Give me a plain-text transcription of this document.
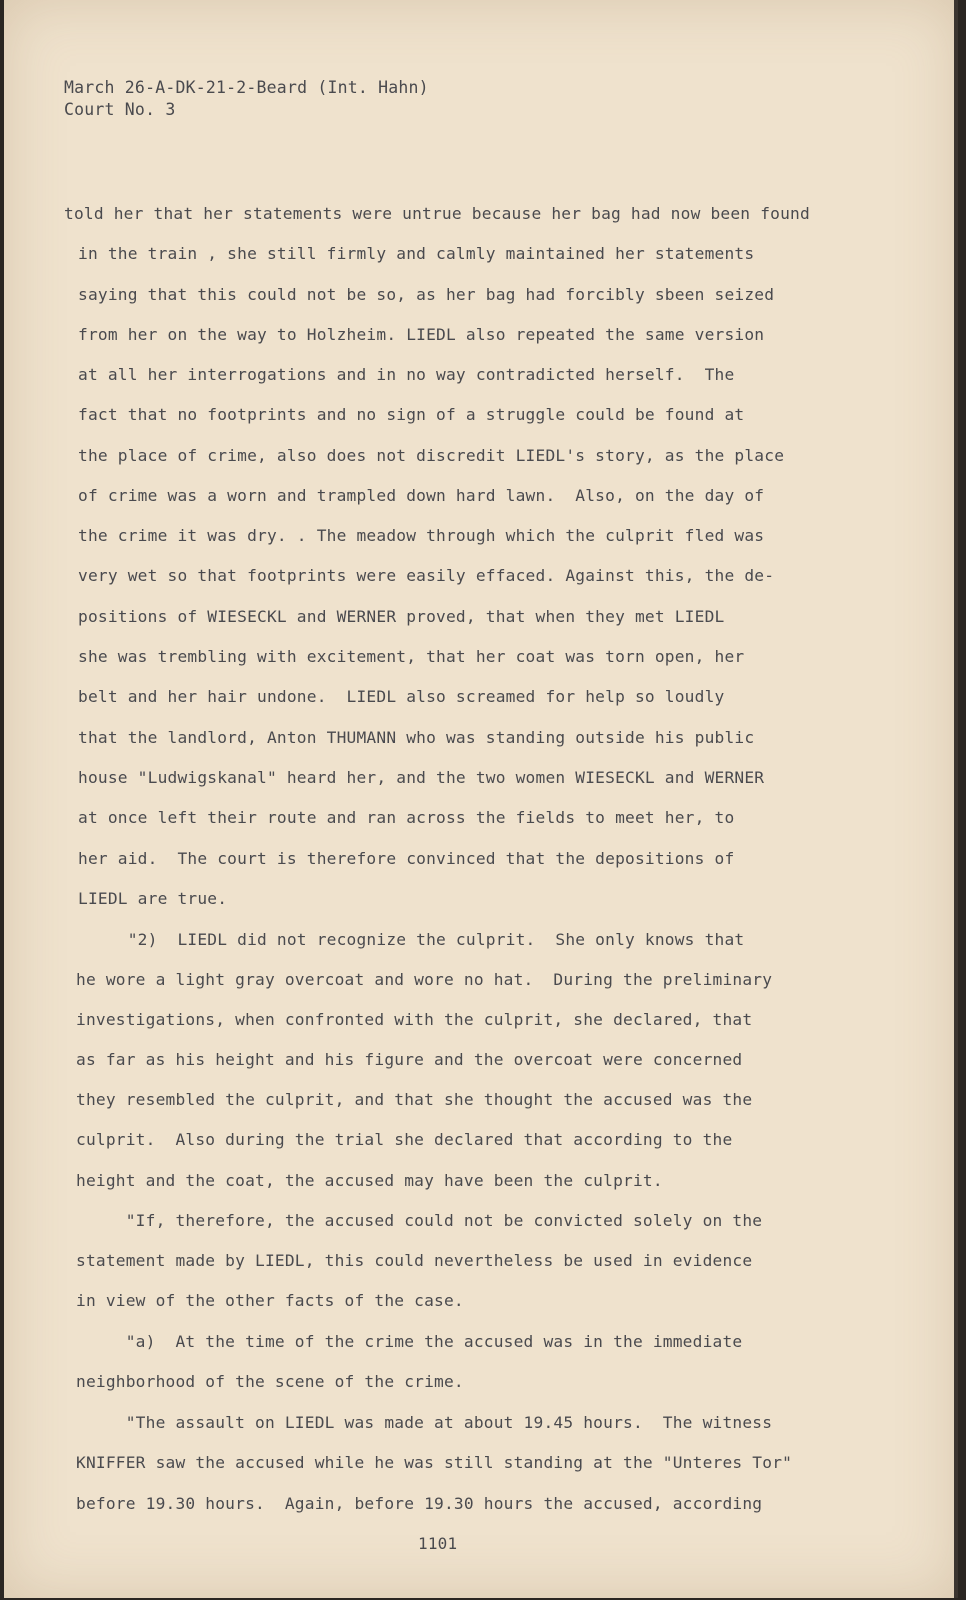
March 26-A-DK-21-2-Beard (Int. Hahn)
Court No. 3
told her that her statements were untrue because her bag had now been found
in the train , she still firmly and calmly maintained her statements
saying that this could not be so, as her bag had forcibly sbeen seized
from her on the way to Holzheim. LIEDL also repeated the same version
at all her interrogations and in no way contradicted herself.  The
fact that no footprints and no sign of a struggle could be found at
the place of crime, also does not discredit LIEDL's story, as the place
of crime was a worn and trampled down hard lawn.  Also, on the day of
the crime it was dry. . The meadow through which the culprit fled was
very wet so that footprints were easily effaced. Against this, the de-
positions of WIESECKL and WERNER proved, that when they met LIEDL
she was trembling with excitement, that her coat was torn open, her
belt and her hair undone.  LIEDL also screamed for help so loudly
that the landlord, Anton THUMANN who was standing outside his public
house "Ludwigskanal" heard her, and the two women WIESECKL and WERNER
at once left their route and ran across the fields to meet her, to
her aid.  The court is therefore convinced that the depositions of
LIEDL are true.
"2)  LIEDL did not recognize the culprit.  She only knows that
he wore a light gray overcoat and wore no hat.  During the preliminary
investigations, when confronted with the culprit, she declared, that
as far as his height and his figure and the overcoat were concerned
they resembled the culprit, and that she thought the accused was the
culprit.  Also during the trial she declared that according to the
height and the coat, the accused may have been the culprit.
"If, therefore, the accused could not be convicted solely on the
statement made by LIEDL, this could nevertheless be used in evidence
in view of the other facts of the case.
"a)  At the time of the crime the accused was in the immediate
neighborhood of the scene of the crime.
"The assault on LIEDL was made at about 19.45 hours.  The witness
KNIFFER saw the accused while he was still standing at the "Unteres Tor"
before 19.30 hours.  Again, before 19.30 hours the accused, according
1101
